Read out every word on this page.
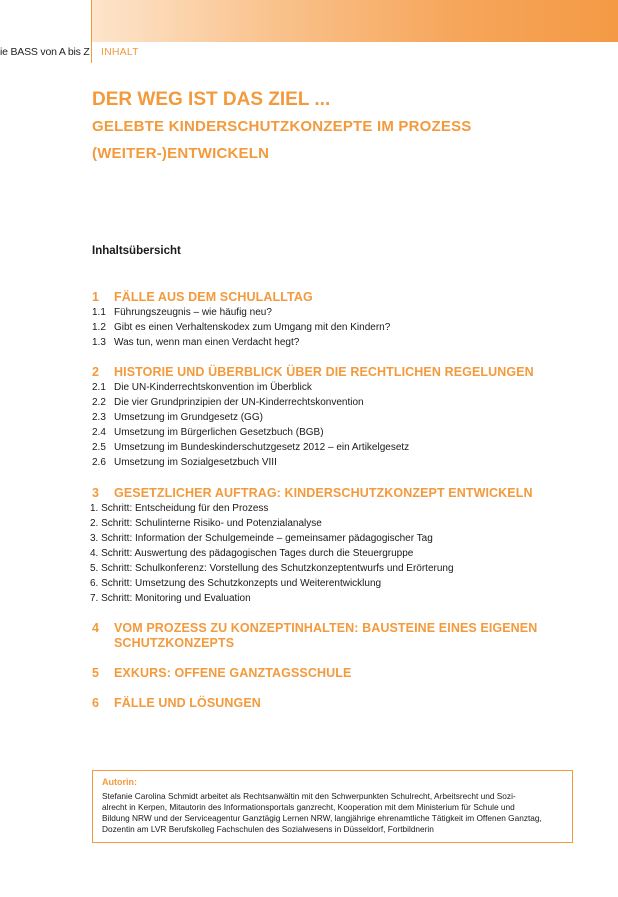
ie BASS von A bis Z INHALT
DER WEG IST DAS ZIEL ...
GELEBTE KINDERSCHUTZKONZEPTE IM PROZESS
(WEITER-)ENTWICKELN
Inhaltsübersicht
1 FÄLLE AUS DEM SCHULALLTAG
1.1 Führungszeugnis – wie häufig neu?
1.2 Gibt es einen Verhaltenskodex zum Umgang mit den Kindern?
1.3 Was tun, wenn man einen Verdacht hegt?
2 HISTORIE UND ÜBERBLICK ÜBER DIE RECHTLICHEN REGELUNGEN
2.1 Die UN-Kinderrechtskonvention im Überblick
2.2 Die vier Grundprinzipien der UN-Kinderrechtskonvention
2.3 Umsetzung im Grundgesetz (GG)
2.4 Umsetzung im Bürgerlichen Gesetzbuch (BGB)
2.5 Umsetzung im Bundeskinderschutzgesetz 2012 – ein Artikelgesetz
2.6 Umsetzung im Sozialgesetzbuch VIII
3 GESETZLICHER AUFTRAG: KINDERSCHUTZKONZEPT ENTWICKELN
1. Schritt: Entscheidung für den Prozess
2. Schritt: Schulinterne Risiko- und Potenzialanalyse
3. Schritt: Information der Schulgemeinde – gemeinsamer pädagogischer Tag
4. Schritt: Auswertung des pädagogischen Tages durch die Steuergruppe
5. Schritt: Schulkonferenz: Vorstellung des Schutzkonzeptentwurfs und Erörterung
6. Schritt: Umsetzung des Schutzkonzepts und Weiterentwicklung
7. Schritt: Monitoring und Evaluation
4 VOM PROZESS ZU KONZEPTINHALTEN: BAUSTEINE EINES EIGENEN
SCHUTZKONZEPTS
5 EXKURS: OFFENE GANZTAGSSCHULE
6 FÄLLE UND LÖSUNGEN
Autorin:
Stefanie Carolina Schmidt arbeitet als Rechtsanwältin mit den Schwerpunkten Schulrecht, Arbeitsrecht und Sozi-
alrecht in Kerpen, Mitautorin des Informationsportals ganzrecht, Kooperation mit dem Ministerium für Schule und
Bildung NRW und der Serviceagentur Ganztägig Lernen NRW, langjährige ehrenamtliche Tätigkeit im Offenen Ganztag,
Dozentin am LVR Berufskolleg Fachschulen des Sozialwesens in Düsseldorf, Fortbildnerin
